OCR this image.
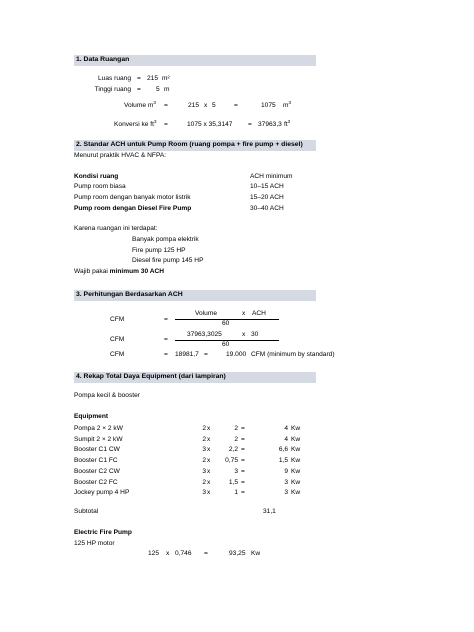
1. Data Ruangan
Luas ruang = 215 m²
Tinggi ruang = 5 m
Volume $m^3$ =	215 x 5	=	1075 $m^3$
Konversi ke $ft^3$ =	1075 x 35,3147 = 37963,3 $ft^3$
2. Standar ACH untuk Pump Room (ruang pompa + fire pump + diesel)
Menurut praktik HVAC & NFPA:
Kondisi ruang	ACH minimum
Pump room biasa	10–15 ACH
Pump room dengan banyak motor listrik	15–20 ACH
Pump room dengan Diesel Fire Pump	30–40 ACH
Karena ruangan ini terdapat:
Banyak pompa elektrik
Fire pump 125 HP
Diesel fire pump 145 HP
Wajib pakai minimum 30 ACH
3. Perhitungan Berdasarkan ACH
CFM	=
Volume	x ACH
60
CFM	=
37963,3025	x 30
60
CFM	= 18981,7 =	19.000 CFM (minimum by standard)
4. Rekap Total Daya Equipment (dari lampiran)
Pompa kecil & booster
Equipment
Pompa 2 × 2 kW	2 x	2 =	4 Kw
Sumpit 2 × 2 kW	2 x	2 =	4 Kw
Booster C1 CW	3 x	2,2 =	6,6 Kw
Booster C1 FC	2 x	0,75 =	1,5 Kw
Booster C2 CW	3 x	3 =	9 Kw
Booster C2 FC	2 x	1,5 =	3 Kw
Jockey pump 4 HP	3 x	1 =	3 Kw
Subtotal	31,1
Electric Fire Pump
125 HP motor
125 x 0,746 =	93,25 Kw
